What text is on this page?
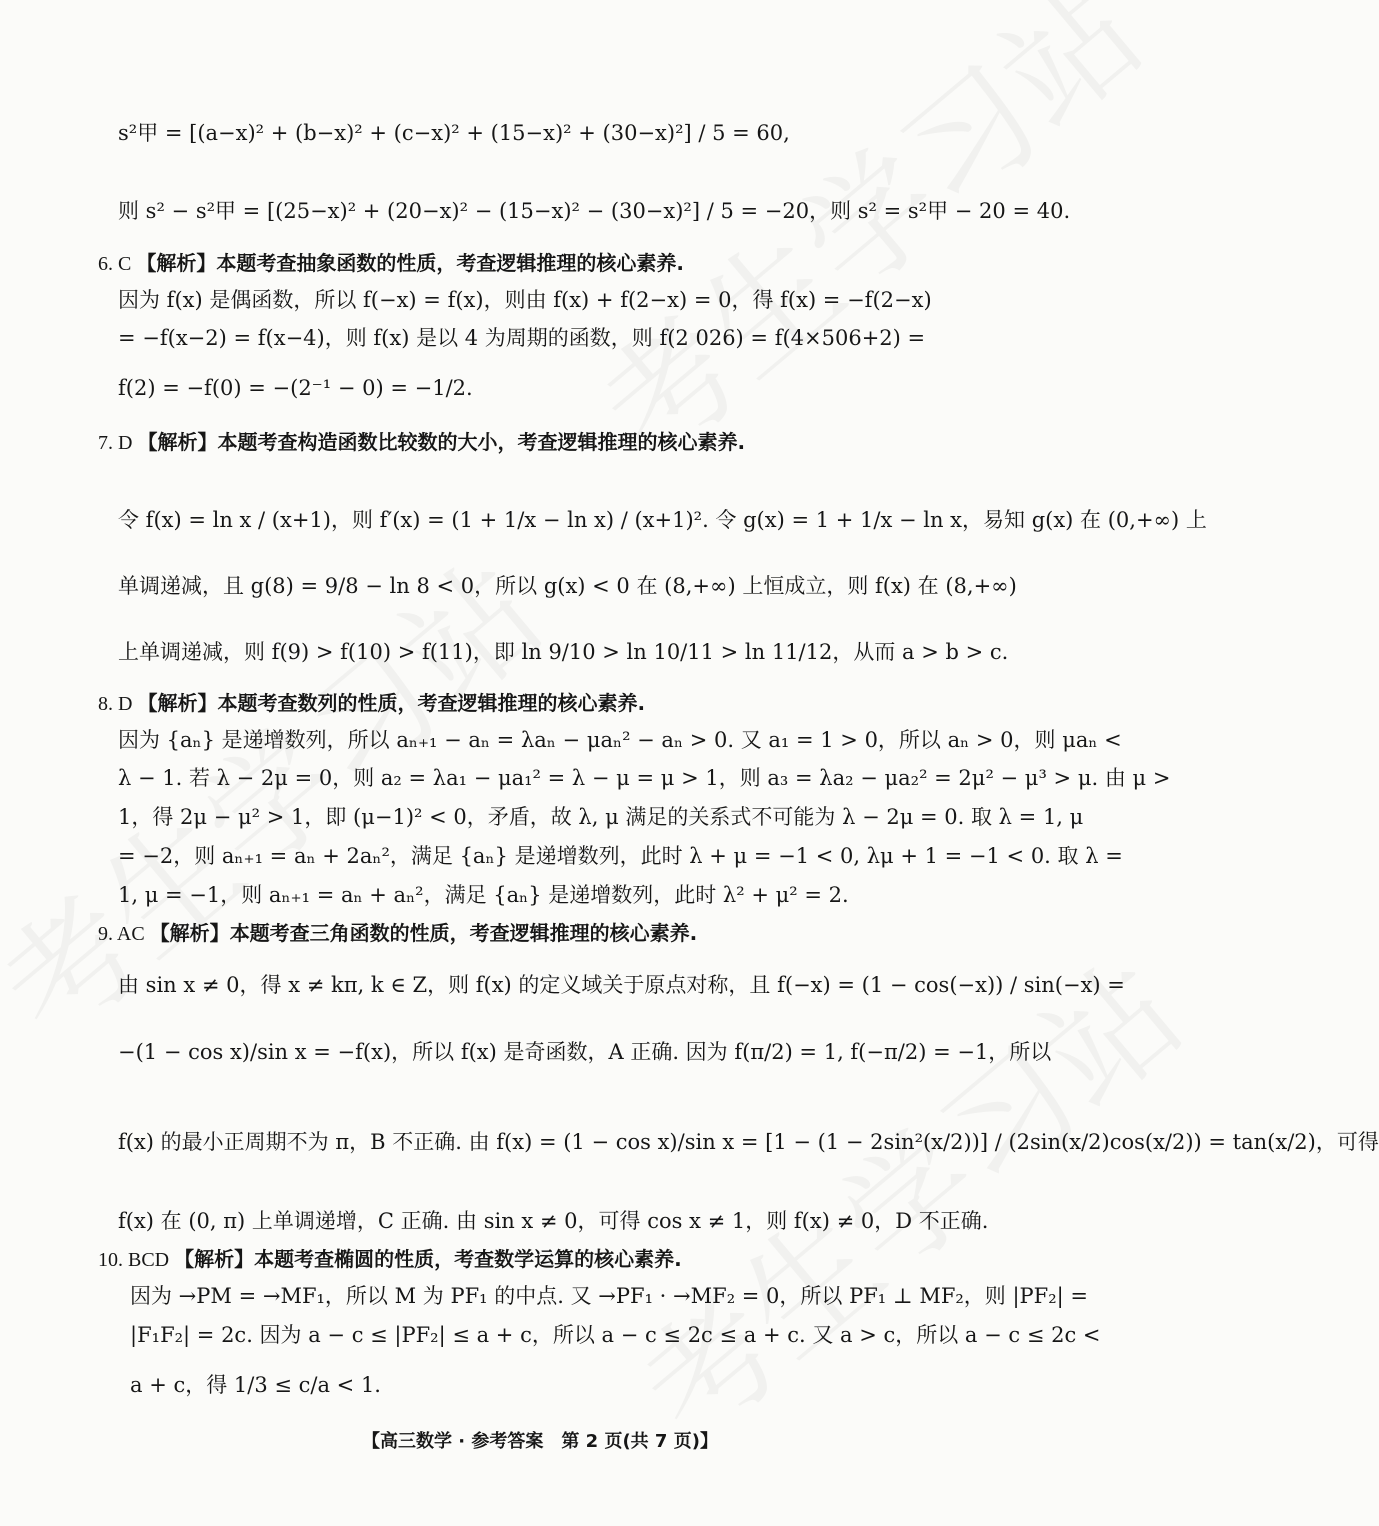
s²甲 = [(a−x)² + (b−x)² + (c−x)² + (15−x)² + (30−x)²] / 5 = 60,
则 s² − s²甲 = [(25−x)² + (20−x)² − (15−x)² − (30−x)²] / 5 = −20，则 s² = s²甲 − 20 = 40.
6. C 【解析】本题考查抽象函数的性质，考查逻辑推理的核心素养.
因为 f(x) 是偶函数，所以 f(−x) = f(x)，则由 f(x) + f(2−x) = 0，得 f(x) = −f(2−x)
= −f(x−2) = f(x−4)，则 f(x) 是以 4 为周期的函数，则 f(2 026) = f(4×506+2) =
f(2) = −f(0) = −(2⁻¹ − 0) = −1/2.
7. D 【解析】本题考查构造函数比较数的大小，考查逻辑推理的核心素养.
令 f(x) = ln x / (x+1)，则 f′(x) = (1 + 1/x − ln x) / (x+1)². 令 g(x) = 1 + 1/x − ln x，易知 g(x) 在 (0,+∞) 上
单调递减，且 g(8) = 9/8 − ln 8 < 0，所以 g(x) < 0 在 (8,+∞) 上恒成立，则 f(x) 在 (8,+∞)
上单调递减，则 f(9) > f(10) > f(11)，即 ln 9/10 > ln 10/11 > ln 11/12，从而 a > b > c.
8. D 【解析】本题考查数列的性质，考查逻辑推理的核心素养.
因为 {aₙ} 是递增数列，所以 aₙ₊₁ − aₙ = λaₙ − μaₙ² − aₙ > 0. 又 a₁ = 1 > 0，所以 aₙ > 0，则 μaₙ <
λ − 1. 若 λ − 2μ = 0，则 a₂ = λa₁ − μa₁² = λ − μ = μ > 1，则 a₃ = λa₂ − μa₂² = 2μ² − μ³ > μ. 由 μ >
1，得 2μ − μ² > 1，即 (μ−1)² < 0，矛盾，故 λ, μ 满足的关系式不可能为 λ − 2μ = 0. 取 λ = 1, μ
= −2，则 aₙ₊₁ = aₙ + 2aₙ²，满足 {aₙ} 是递增数列，此时 λ + μ = −1 < 0, λμ + 1 = −1 < 0. 取 λ =
1, μ = −1，则 aₙ₊₁ = aₙ + aₙ²，满足 {aₙ} 是递增数列，此时 λ² + μ² = 2.
9. AC 【解析】本题考查三角函数的性质，考查逻辑推理的核心素养.
由 sin x ≠ 0，得 x ≠ kπ, k ∈ Z，则 f(x) 的定义域关于原点对称，且 f(−x) = (1 − cos(−x)) / sin(−x) =
−(1 − cos x)/sin x = −f(x)，所以 f(x) 是奇函数，A 正确. 因为 f(π/2) = 1, f(−π/2) = −1，所以
f(x) 的最小正周期不为 π，B 不正确. 由 f(x) = (1 − cos x)/sin x = [1 − (1 − 2sin²(x/2))] / (2sin(x/2)cos(x/2)) = tan(x/2)，可得
f(x) 在 (0, π) 上单调递增，C 正确. 由 sin x ≠ 0，可得 cos x ≠ 1，则 f(x) ≠ 0，D 不正确.
10. BCD 【解析】本题考查椭圆的性质，考查数学运算的核心素养.
因为 →PM = →MF₁，所以 M 为 PF₁ 的中点. 又 →PF₁ · →MF₂ = 0，所以 PF₁ ⊥ MF₂，则 |PF₂| =
|F₁F₂| = 2c. 因为 a − c ≤ |PF₂| ≤ a + c，所以 a − c ≤ 2c ≤ a + c. 又 a > c，所以 a − c ≤ 2c <
a + c，得 1/3 ≤ c/a < 1.
【高三数学 · 参考答案　第 2 页(共 7 页)】
